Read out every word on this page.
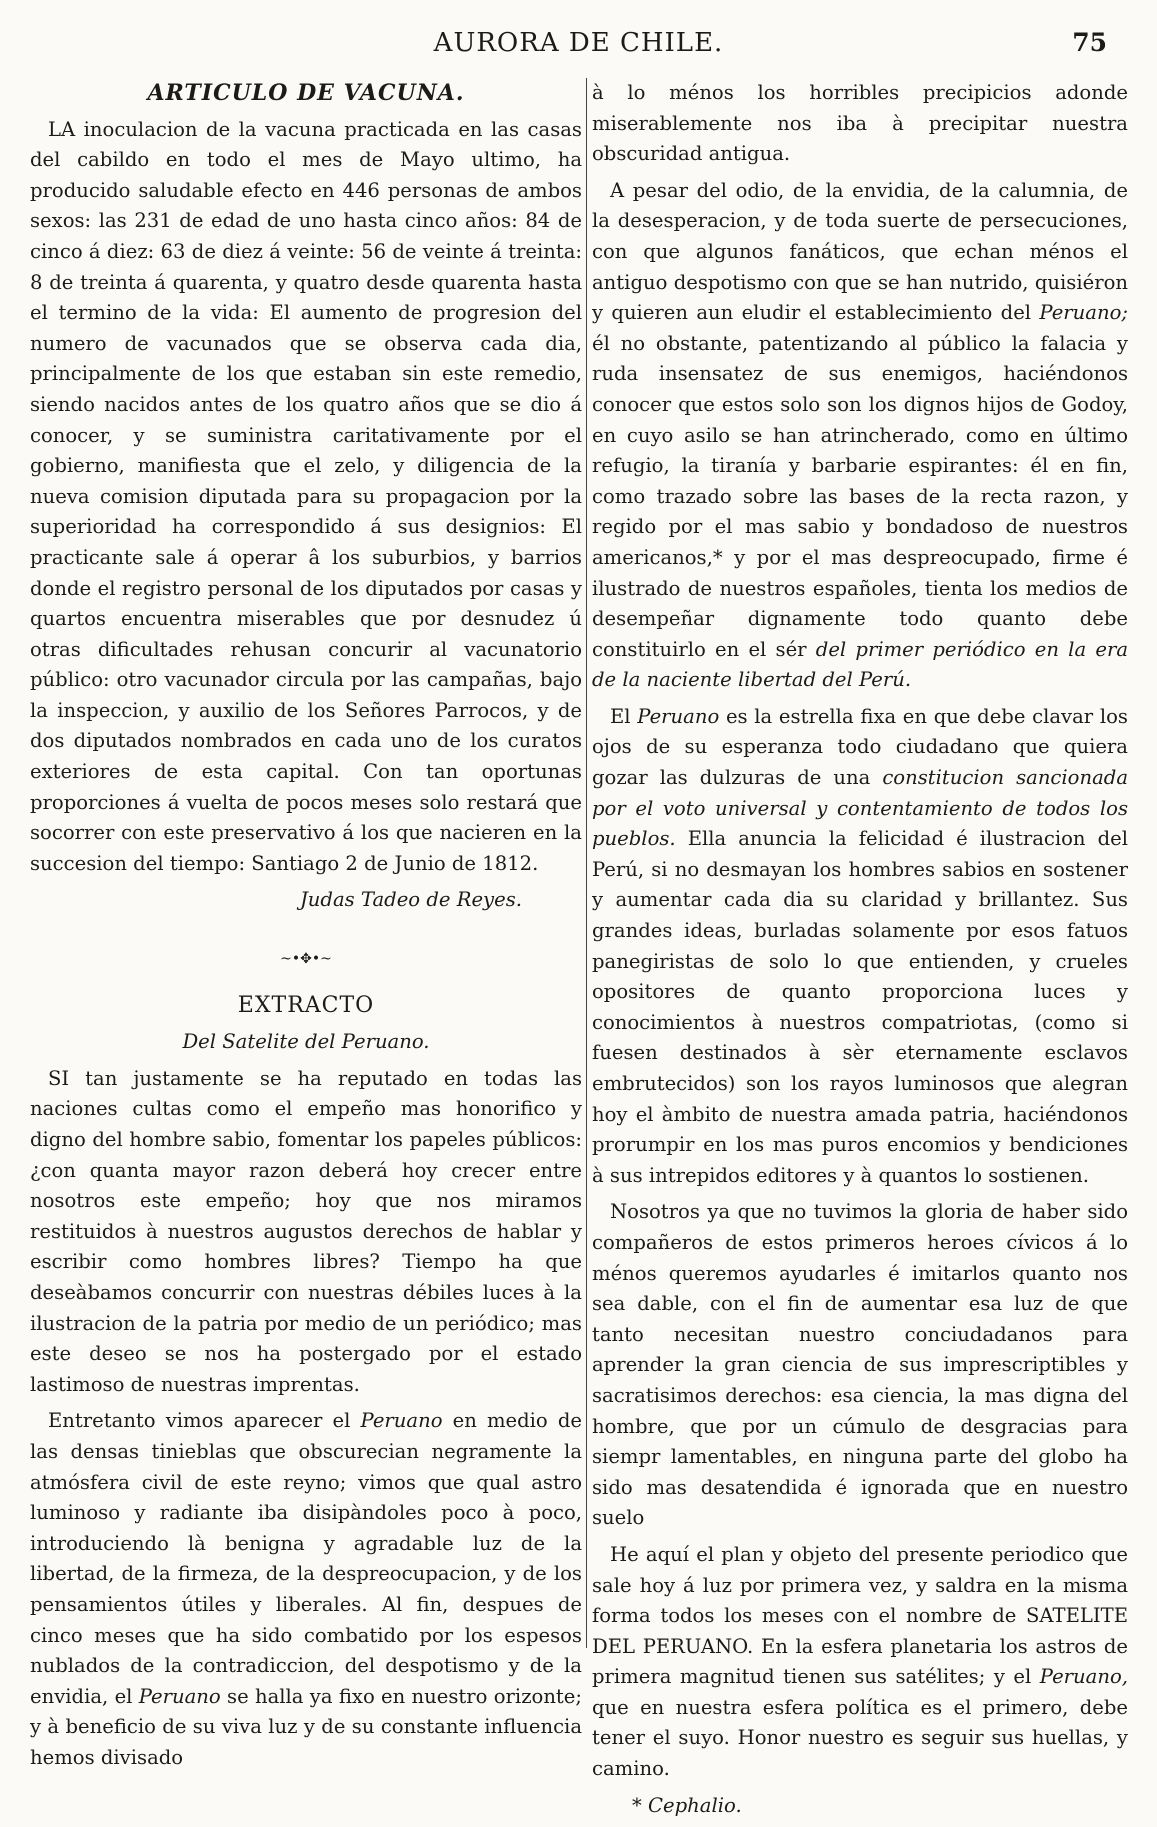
AURORA DE CHILE.	75

ARTICULO DE VACUNA.

LA inoculacion de la vacuna practicada en las casas del cabildo en todo el mes de Mayo ultimo, ha producido saludable efecto en 446 personas de ambos sexos: las 231 de edad de uno hasta cinco años: 84 de cinco á diez: 63 de diez á veinte: 56 de veinte á treinta: 8 de treinta á quarenta, y quatro desde quarenta hasta el termino de la vida: El aumento de progresion del numero de vacunados que se observa cada dia, principalmente de los que estaban sin este remedio, siendo nacidos antes de los quatro años que se dio á conocer, y se suministra caritativamente por el gobierno, manifiesta que el zelo, y diligencia de la nueva comision diputada para su propagacion por la superioridad ha correspondido á sus designios: El practicante sale á operar â los suburbios, y barrios donde el registro personal de los diputados por casas y quartos encuentra miserables que por desnudez ú otras dificultades rehusan concurir al vacunatorio público: otro vacunador circula por las campañas, bajo la inspeccion, y auxilio de los Señores Parrocos, y de dos diputados nombrados en cada uno de los curatos exteriores de esta capital. Con tan oportunas proporciones á vuelta de pocos meses solo restará que socorrer con este preservativo á los que nacieren en la succesion del tiempo: Santiago 2 de Junio de 1812.

Judas Tadeo de Reyes.

~•✥•~

EXTRACTO

Del Satelite del Peruano.

SI tan justamente se ha reputado en todas las naciones cultas como el empeño mas honorifico y digno del hombre sabio, fomentar los papeles públicos: ¿con quanta mayor razon deberá hoy crecer entre nosotros este empeño; hoy que nos miramos restituidos à nuestros augustos derechos de hablar y escribir como hombres libres? Tiempo ha que deseàbamos concurrir con nuestras débiles luces à la ilustracion de la patria por medio de un periódico; mas este deseo se nos ha postergado por el estado lastimoso de nuestras imprentas.

Entretanto vimos aparecer el Peruano en medio de las densas tinieblas que obscurecian negramente la atmósfera civil de este reyno; vimos que qual astro luminoso y radiante iba disipàndoles poco à poco, introduciendo là benigna y agradable luz de la libertad, de la firmeza, de la despreocupacion, y de los pensamientos útiles y liberales. Al fin, despues de cinco meses que ha sido combatido por los espesos nublados de la contradiccion, del despotismo y de la envidia, el Peruano se halla ya fixo en nuestro orizonte; y à beneficio de su viva luz y de su constante influencia hemos divisado

à lo ménos los horribles precipicios adonde miserablemente nos iba à precipitar nuestra obscuridad antigua.

A pesar del odio, de la envidia, de la calumnia, de la desesperacion, y de toda suerte de persecuciones, con que algunos fanáticos, que echan ménos el antiguo despotismo con que se han nutrido, quisiéron y quieren aun eludir el establecimiento del Peruano; él no obstante, patentizando al público la falacia y ruda insensatez de sus enemigos, haciéndonos conocer que estos solo son los dignos hijos de Godoy, en cuyo asilo se han atrincherado, como en último refugio, la tiranía y barbarie espirantes: él en fin, como trazado sobre las bases de la recta razon, y regido por el mas sabio y bondadoso de nuestros americanos,* y por el mas despreocupado, firme é ilustrado de nuestros españoles, tienta los medios de desempeñar dignamente todo quanto debe constituirlo en el sér del primer periódico en la era de la naciente libertad del Perú.

El Peruano es la estrella fixa en que debe clavar los ojos de su esperanza todo ciudadano que quiera gozar las dulzuras de una constitucion sancionada por el voto universal y contentamiento de todos los pueblos. Ella anuncia la felicidad é ilustracion del Perú, si no desmayan los hombres sabios en sostener y aumentar cada dia su claridad y brillantez. Sus grandes ideas, burladas solamente por esos fatuos panegiristas de solo lo que entienden, y crueles opositores de quanto proporciona luces y conocimientos à nuestros compatriotas, (como si fuesen destinados à sèr eternamente esclavos embrutecidos) son los rayos luminosos que alegran hoy el àmbito de nuestra amada patria, haciéndonos prorumpir en los mas puros encomios y bendiciones à sus intrepidos editores y à quantos lo sostienen.

Nosotros ya que no tuvimos la gloria de haber sido compañeros de estos primeros heroes cívicos á lo ménos queremos ayudarles é imitarlos quanto nos sea dable, con el fin de aumentar esa luz de que tanto necesitan nuestro conciudadanos para aprender la gran ciencia de sus imprescriptibles y sacratisimos derechos: esa ciencia, la mas digna del hombre, que por un cúmulo de desgracias para siempr lamentables, en ninguna parte del globo ha sido mas desatendida é ignorada que en nuestro suelo

He aquí el plan y objeto del presente periodico que sale hoy á luz por primera vez, y saldra en la misma forma todos los meses con el nombre de SATELITE DEL PERUANO. En la esfera planetaria los astros de primera magnitud tienen sus satélites; y el Peruano, que en nuestra esfera política es el primero, debe tener el suyo. Honor nuestro es seguir sus huellas, y camino.

* Cephalio.
